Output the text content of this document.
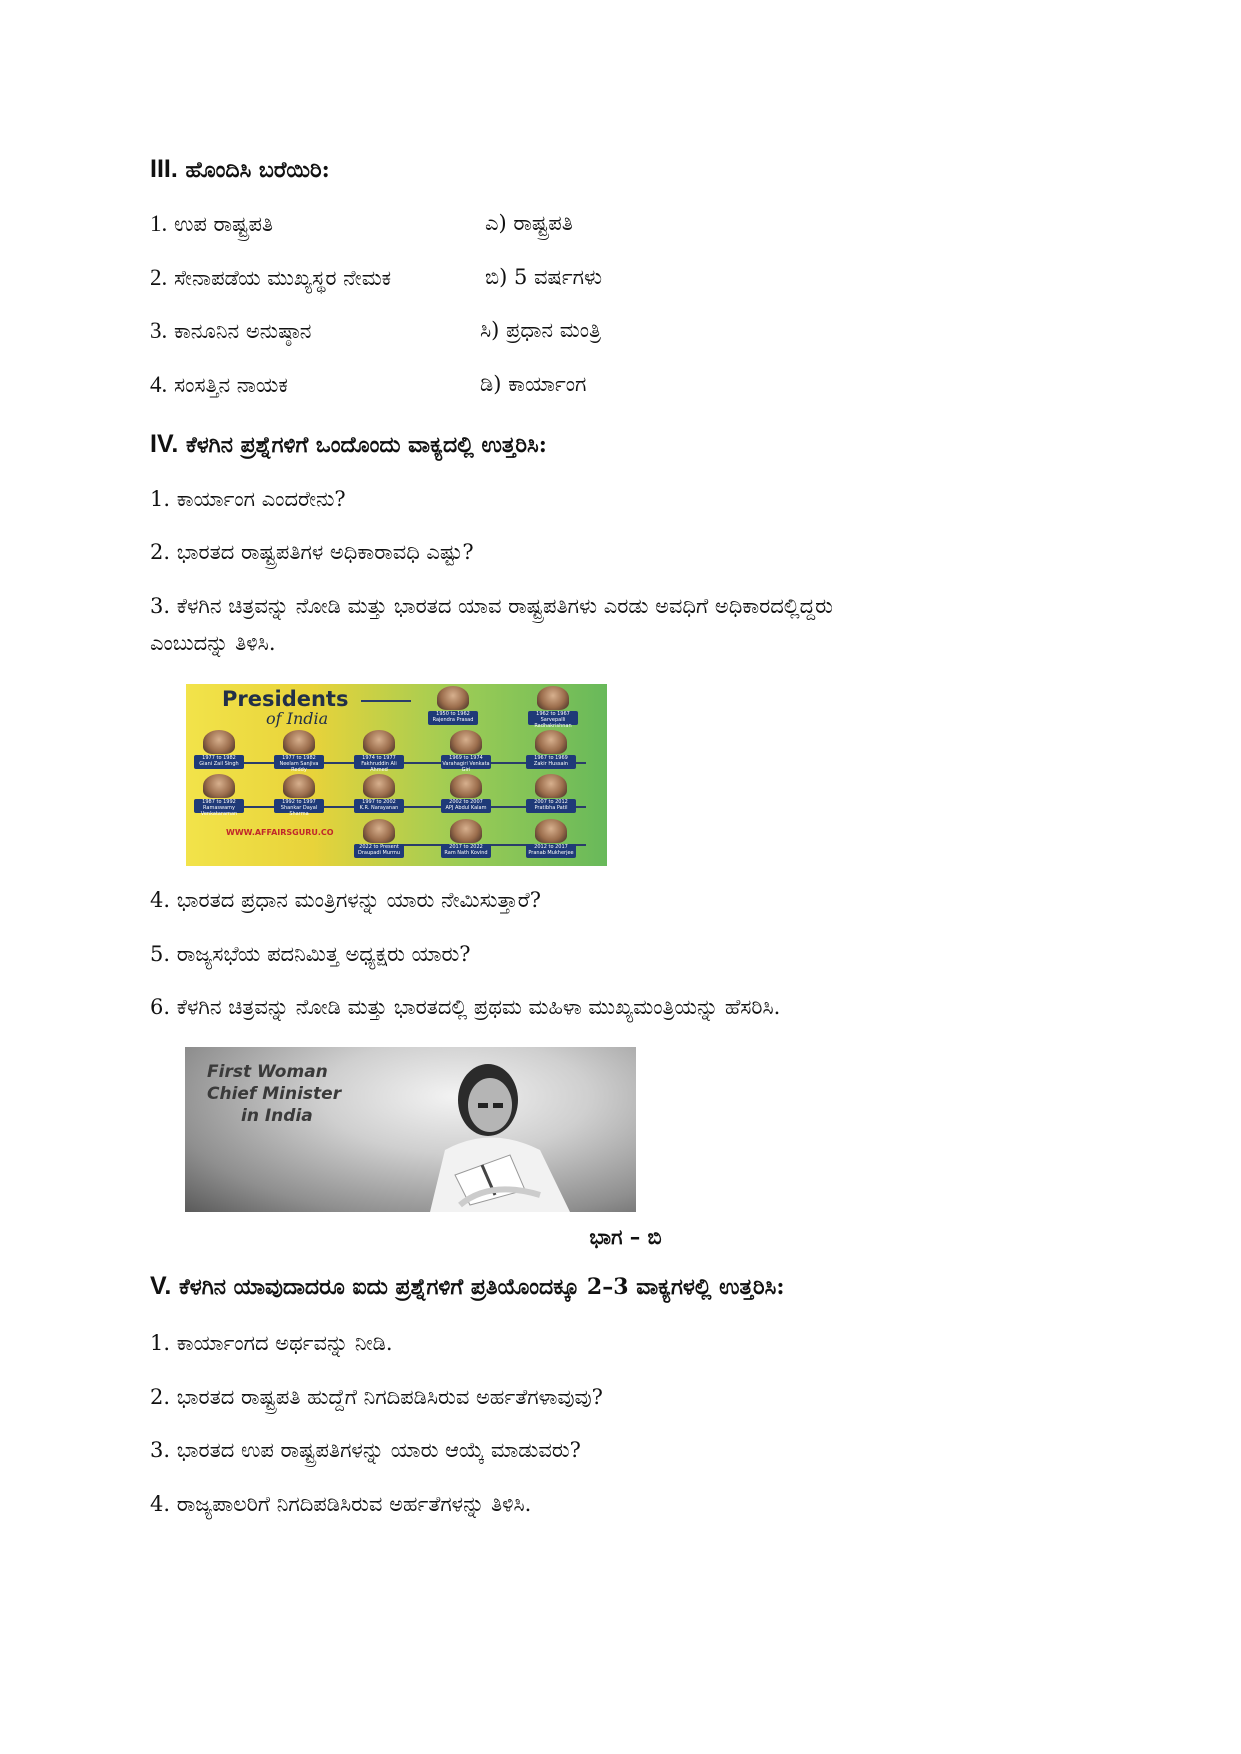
III. ಹೊಂದಿಸಿ ಬರೆಯಿರಿ:
1. ಉಪ ರಾಷ್ಟ್ರಪತಿ
2. ಸೇನಾಪಡೆಯ ಮುಖ್ಯಸ್ಥರ ನೇಮಕ
3. ಕಾನೂನಿನ ಅನುಷ್ಠಾನ
4. ಸಂಸತ್ತಿನ ನಾಯಕ
ಎ) ರಾಷ್ಟ್ರಪತಿ
ಬಿ) 5 ವರ್ಷಗಳು
ಸಿ) ಪ್ರಧಾನ ಮಂತ್ರಿ
ಡಿ) ಕಾರ್ಯಾಂಗ
IV. ಕೆಳಗಿನ ಪ್ರಶ್ನೆಗಳಿಗೆ ಒಂದೊಂದು ವಾಕ್ಯದಲ್ಲಿ ಉತ್ತರಿಸಿ:
1. ಕಾರ್ಯಾಂಗ ಎಂದರೇನು?
2. ಭಾರತದ ರಾಷ್ಟ್ರಪತಿಗಳ ಅಧಿಕಾರಾವಧಿ ಎಷ್ಟು?
3. ಕೆಳಗಿನ ಚಿತ್ರವನ್ನು ನೋಡಿ ಮತ್ತು ಭಾರತದ ಯಾವ ರಾಷ್ಟ್ರಪತಿಗಳು ಎರಡು ಅವಧಿಗೆ ಅಧಿಕಾರದಲ್ಲಿದ್ದರು
ಎಂಬುದನ್ನು ತಿಳಿಸಿ.
Presidents
of India	1950 to 1962
Rajendra Prasad
1962 to 1967
Sarvepalli Radhakrishnan
1977 to 1982
Giani Zail Singh
1977 to 1982
Neelam Sanjiva Reddy
1974 to 1977
Fakhruddin Ali Ahmed
1969 to 1974
Varahagiri Venkata Giri
1967 to 1969
Zakir Hussain
1987 to 1992
Ramaswamy Venkataraman
1992 to 1997
Shankar Dayal Sharma
1997 to 2002
K.R. Narayanan
2002 to 2007
APJ Abdul Kalam
2007 to 2012
Pratibha Patil
WWW.AFFAIRSGURU.CO
2022 to Present
Draupadi Murmu
2017 to 2022
Ram Nath Kovind
2012 to 2017
Pranab Mukherjee
4. ಭಾರತದ ಪ್ರಧಾನ ಮಂತ್ರಿಗಳನ್ನು ಯಾರು ನೇಮಿಸುತ್ತಾರೆ?
5. ರಾಜ್ಯಸಭೆಯ ಪದನಿಮಿತ್ತ ಅಧ್ಯಕ್ಷರು ಯಾರು?
6. ಕೆಳಗಿನ ಚಿತ್ರವನ್ನು ನೋಡಿ ಮತ್ತು ಭಾರತದಲ್ಲಿ ಪ್ರಥಮ ಮಹಿಳಾ ಮುಖ್ಯಮಂತ್ರಿಯನ್ನು ಹೆಸರಿಸಿ.
First Woman
Chief Minister
in India
ಭಾಗ – ಬಿ
V. ಕೆಳಗಿನ ಯಾವುದಾದರೂ ಐದು ಪ್ರಶ್ನೆಗಳಿಗೆ ಪ್ರತಿಯೊಂದಕ್ಕೂ 2–3 ವಾಕ್ಯಗಳಲ್ಲಿ ಉತ್ತರಿಸಿ:
1. ಕಾರ್ಯಾಂಗದ ಅರ್ಥವನ್ನು ನೀಡಿ.
2. ಭಾರತದ ರಾಷ್ಟ್ರಪತಿ ಹುದ್ದೆಗೆ ನಿಗದಿಪಡಿಸಿರುವ ಅರ್ಹತೆಗಳಾವುವು?
3. ಭಾರತದ ಉಪ ರಾಷ್ಟ್ರಪತಿಗಳನ್ನು ಯಾರು ಆಯ್ಕೆ ಮಾಡುವರು?
4. ರಾಜ್ಯಪಾಲರಿಗೆ ನಿಗದಿಪಡಿಸಿರುವ ಅರ್ಹತೆಗಳನ್ನು ತಿಳಿಸಿ.
